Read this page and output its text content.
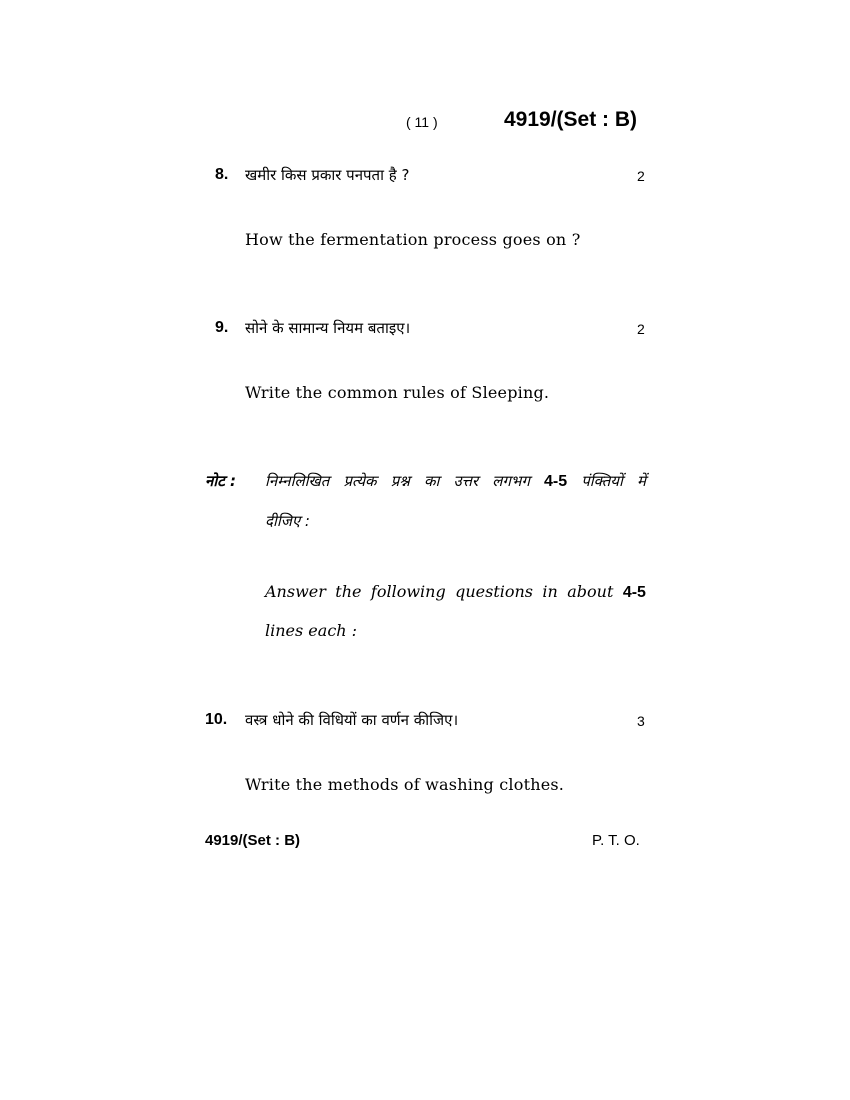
( 11 )	4919/(Set : B)
8. खमीर किस प्रकार पनपता है ?	2
How the fermentation process goes on ?
9. सोने के सामान्य नियम बताइए।	2
Write the common rules of Sleeping.
नोट : निम्नलिखित प्रत्येक प्रश्न का उत्तर लगभग 4-5 पंक्तियों में
दीजिए :
Answer the following questions in about 4-5
lines each :
10. वस्त्र धोने की विधियों का वर्णन कीजिए।	3
Write the methods of washing clothes.
4919/(Set : B)	P. T. O.
